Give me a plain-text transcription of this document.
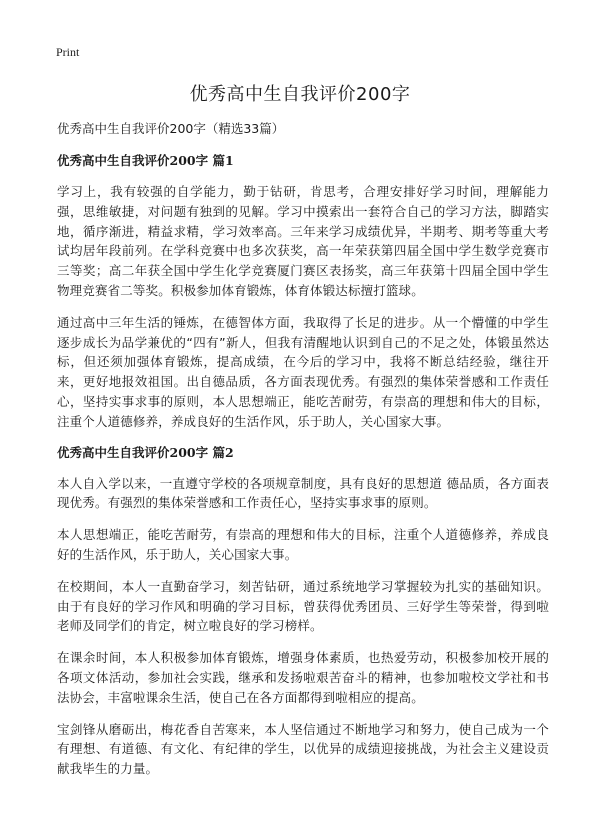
Print
优秀高中生自我评价200字

优秀高中生自我评价200字（精选33篇）

优秀高中生自我评价200字 篇1

学习上，我有较强的自学能力，勤于钻研，肯思考，合理安排好学习时间，理解能力强，思维敏捷，对问题有独到的见解。学习中摸索出一套符合自己的学习方法，脚踏实地，循序渐进，精益求精，学习效率高。三年来学习成绩优异，半期考、期考等重大考试均居年段前列。在学科竞赛中也多次获奖，高一年荣获第四届全国中学生数学竞赛市三等奖；高二年获全国中学生化学竞赛厦门赛区表扬奖，高三年获第十四届全国中学生物理竞赛省二等奖。积极参加体育锻炼，体育体锻达标擅打篮球。

通过高中三年生活的锤炼，在德智体方面，我取得了长足的进步。从一个懵懂的中学生逐步成长为品学兼优的“四有”新人，但我有清醒地认识到自己的不足之处，体锻虽然达标，但还须加强体育锻炼，提高成绩，在今后的学习中，我将不断总结经验，继往开来，更好地报效祖国。出自德品质，各方面表现优秀。有强烈的集体荣誉感和工作责任心，坚持实事求事的原则，本人思想端正，能吃苦耐劳，有崇高的理想和伟大的目标，注重个人道德修养，养成良好的生活作风，乐于助人，关心国家大事。

优秀高中生自我评价200字 篇2

本人自入学以来，一直遵守学校的各项规章制度，具有良好的思想道 德品质，各方面表现优秀。有强烈的集体荣誉感和工作责任心，坚持实事求事的原则。

本人思想端正，能吃苦耐劳，有崇高的理想和伟大的目标，注重个人道德修养，养成良好的生活作风，乐于助人，关心国家大事。

在校期间，本人一直勤奋学习，刻苦钻研，通过系统地学习掌握较为扎实的基础知识。由于有良好的学习作风和明确的学习目标，曾获得优秀团员、三好学生等荣誉，得到啦老师及同学们的肯定，树立啦良好的学习榜样。

在课余时间，本人积极参加体育锻炼，增强身体素质，也热爱劳动，积极参加校开展的各项文体活动，参加社会实践，继承和发扬啦艰苦奋斗的精神，也参加啦校文学社和书法协会，丰富啦课余生活，使自己在各方面都得到啦相应的提高。

宝剑锋从磨砺出，梅花香自苦寒来，本人坚信通过不断地学习和努力，使自己成为一个有理想、有道德、有文化、有纪律的学生，以优异的成绩迎接挑战，为社会主义建设贡献我毕生的力量。
